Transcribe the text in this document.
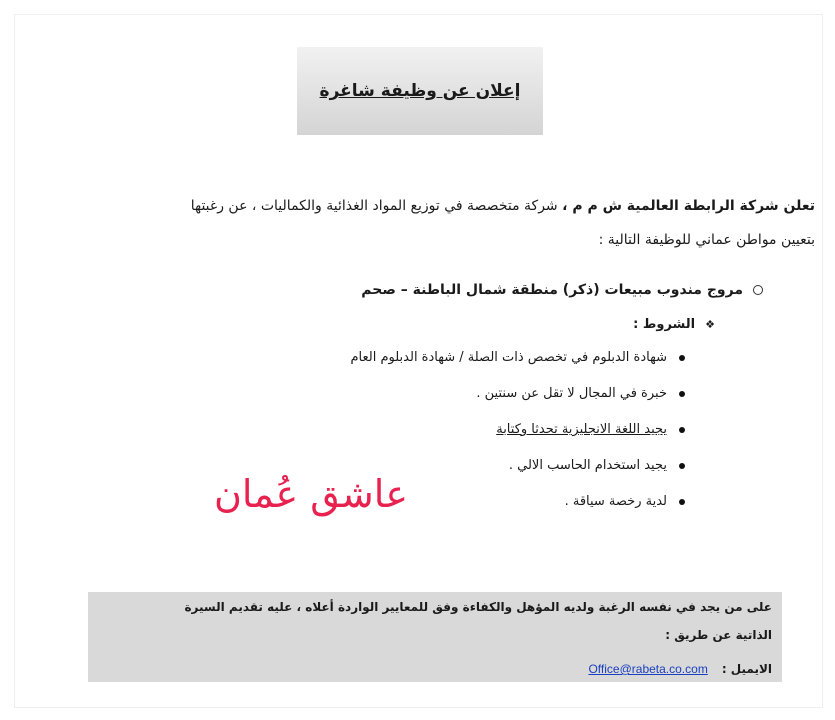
إعلان عن وظيفة شاغرة
تعلن شركة الرابطة العالمية ش م م ، شركة متخصصة في توزيع المواد الغذائية والكماليات ، عن رغبتها
بتعيين مواطن عماني للوظيفة التالية :
مروج مندوب مبيعات (ذكر) منطقة شمال الباطنة – صحم
❖
الشروط :
شهادة الدبلوم في تخصص ذات الصلة / شهادة الدبلوم العام
خبرة في المجال لا تقل عن سنتين .
يجيد اللغة الانجليزية تحدثا وكتابة
يجيد استخدام الحاسب الالي .
لدية رخصة سياقة .
عاشق عُمان
على من يجد في نفسه الرغبة ولديه المؤهل والكفاءة وفق للمعايير الواردة أعلاه ، عليه تقديم السيرة
الذاتية عن طريق :
الايميل :
Office@rabeta.co.com
